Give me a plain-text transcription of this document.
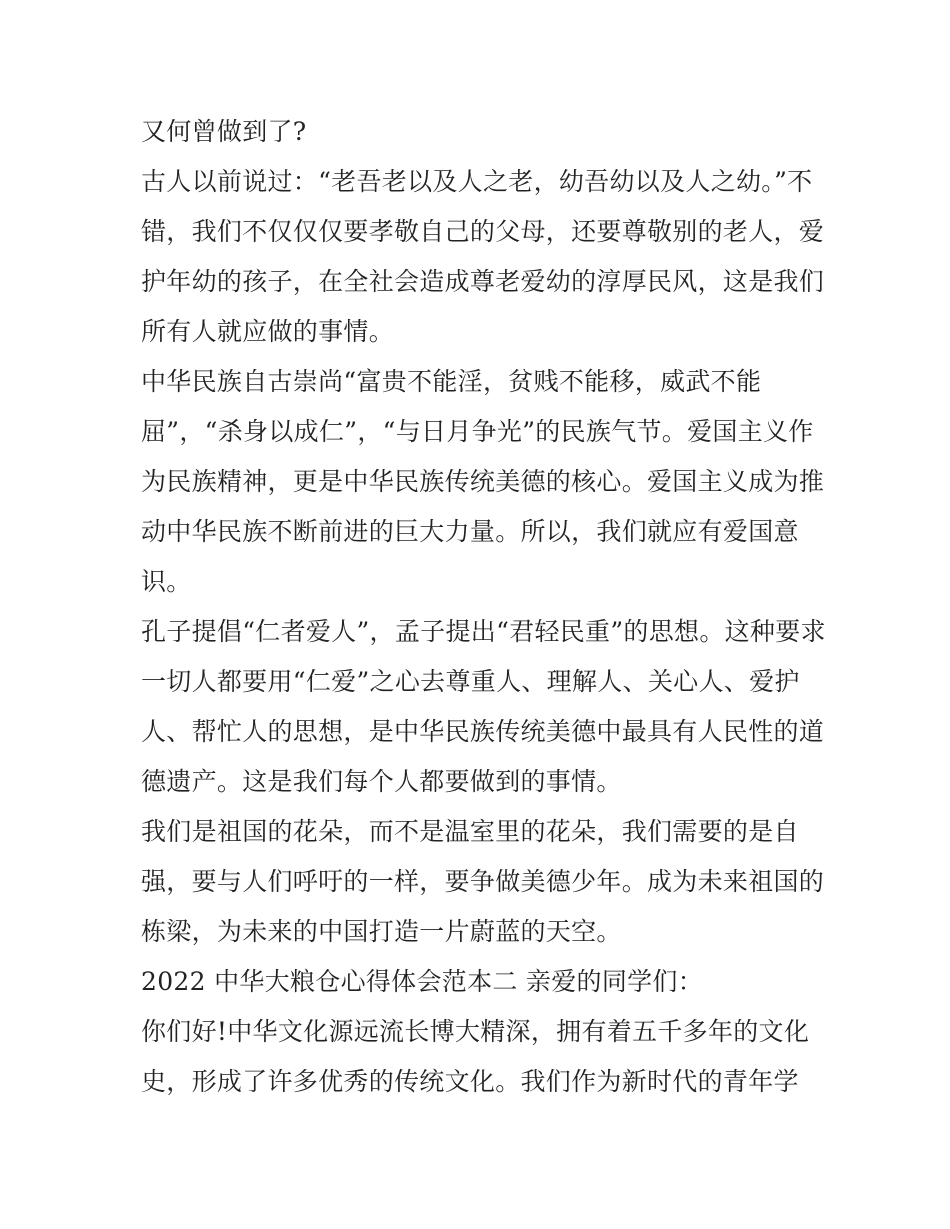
又何曾做到了?
古人以前说过：“老吾老以及人之老，幼吾幼以及人之幼。”不
错，我们不仅仅仅要孝敬自己的父母，还要尊敬别的老人，爱
护年幼的孩子，在全社会造成尊老爱幼的淳厚民风，这是我们
所有人就应做的事情。
中华民族自古崇尚“富贵不能淫，贫贱不能移，威武不能
屈”，“杀身以成仁”，“与日月争光”的民族气节。爱国主义作
为民族精神，更是中华民族传统美德的核心。爱国主义成为推
动中华民族不断前进的巨大力量。所以，我们就应有爱国意
识。
孔子提倡“仁者爱人”，孟子提出“君轻民重”的思想。这种要求
一切人都要用“仁爱”之心去尊重人、理解人、关心人、爱护
人、帮忙人的思想，是中华民族传统美德中最具有人民性的道
德遗产。这是我们每个人都要做到的事情。
我们是祖国的花朵，而不是温室里的花朵，我们需要的是自
强，要与人们呼吁的一样，要争做美德少年。成为未来祖国的
栋梁，为未来的中国打造一片蔚蓝的天空。
2022 中华大粮仓心得体会范本二 亲爱的同学们：
你们好!中华文化源远流长博大精深，拥有着五千多年的文化
史，形成了许多优秀的传统文化。我们作为新时代的青年学
